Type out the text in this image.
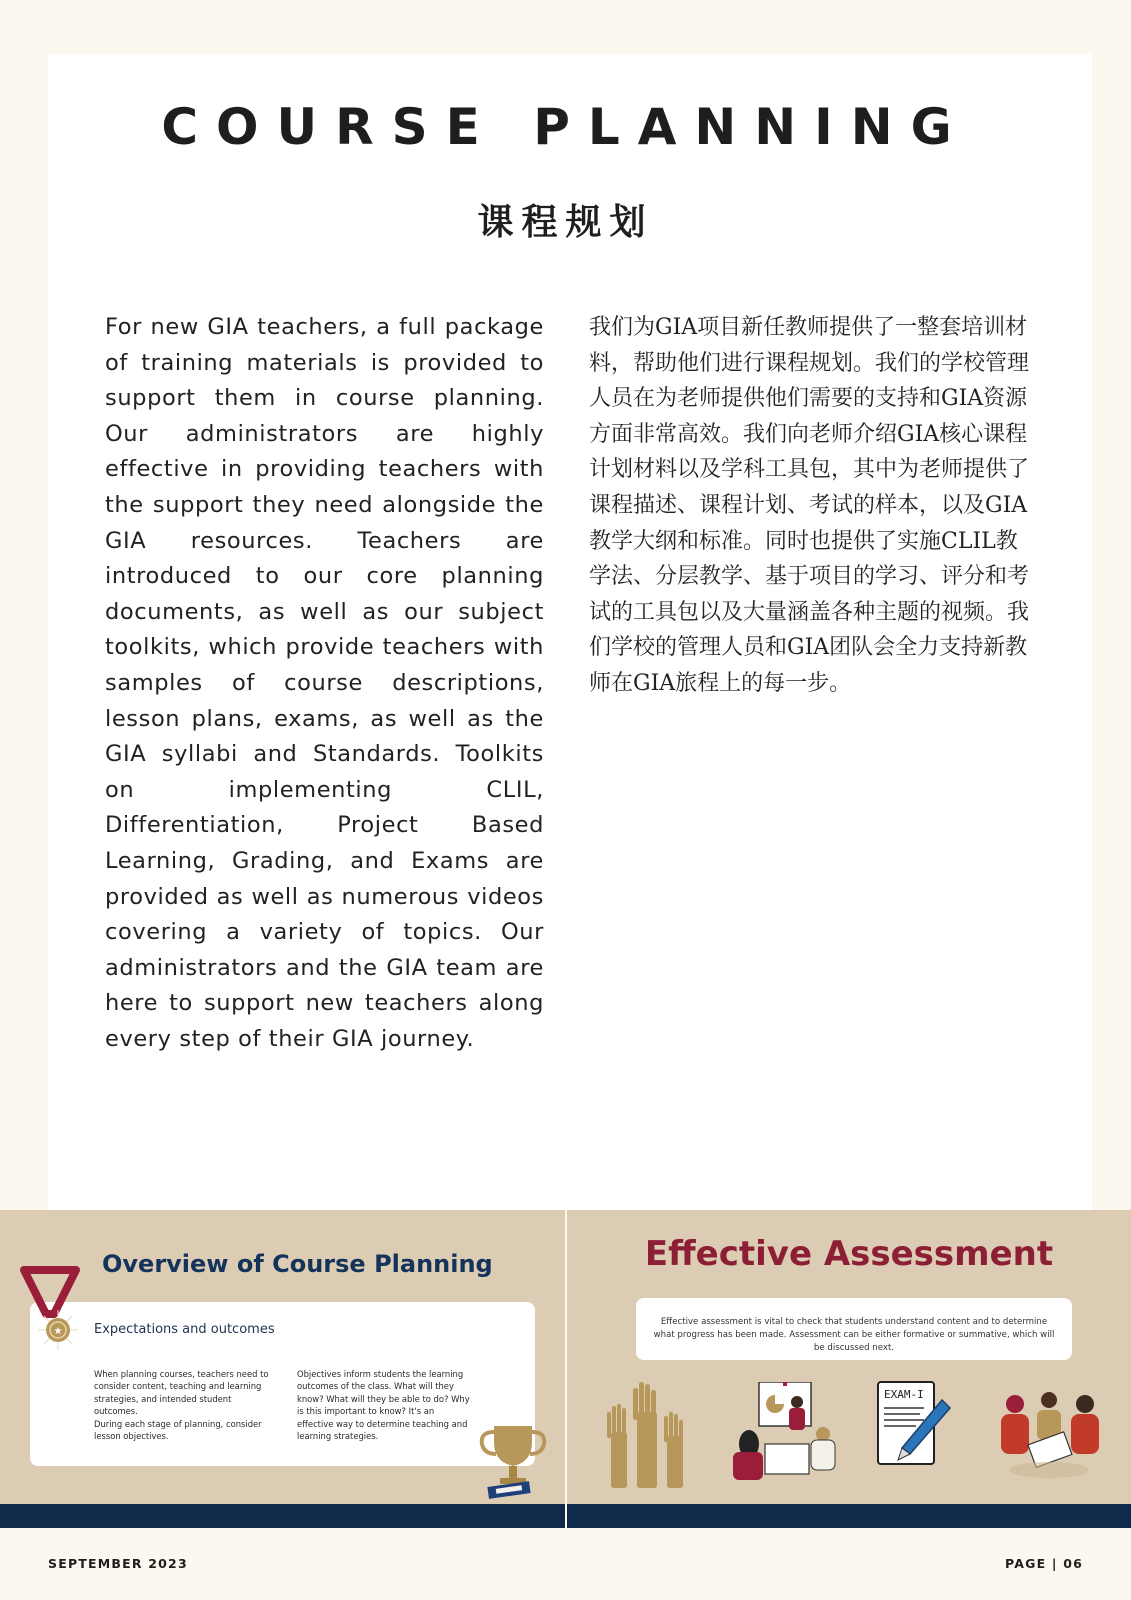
COURSE PLANNING
课程规划

For new GIA teachers, a full package of training materials is provided to support them in course planning. Our administrators are highly effective in providing teachers with the support they need alongside the GIA resources. Teachers are introduced to our core planning documents, as well as our subject toolkits, which provide teachers with samples of course descriptions, lesson plans, exams, as well as the GIA syllabi and Standards. Toolkits on implementing CLIL, Differentiation, Project Based Learning, Grading, and Exams are provided as well as numerous videos covering a variety of topics. Our administrators and the GIA team are here to support new teachers along every step of their GIA journey.

我们为GIA项目新任教师提供了一整套培训材料，帮助他们进行课程规划。我们的学校管理人员在为老师提供他们需要的支持和GIA资源方面非常高效。我们向老师介绍GIA核心课程计划材料以及学科工具包，其中为老师提供了课程描述、课程计划、考试的样本，以及GIA教学大纲和标准。同时也提供了实施CLIL教学法、分层教学、基于项目的学习、评分和考试的工具包以及大量涵盖各种主题的视频。我们学校的管理人员和GIA团队会全力支持新教师在GIA旅程上的每一步。

Overview of Course Planning
Expectations and outcomes

When planning courses, teachers need to consider content, teaching and learning strategies, and intended student outcomes.

During each stage of planning, consider lesson objectives.

Objectives inform students the learning outcomes of the class. What will they know? What will they be able to do? Why is this important to know? It's an effective way to determine teaching and learning strategies.

★
Effective Assessment

Effective assessment is vital to check that students understand content and to determine what progress has been made. Assessment can be either formative or summative, which will be discussed next.

EXAM-I
SEPTEMBER 2023	PAGE | 06
